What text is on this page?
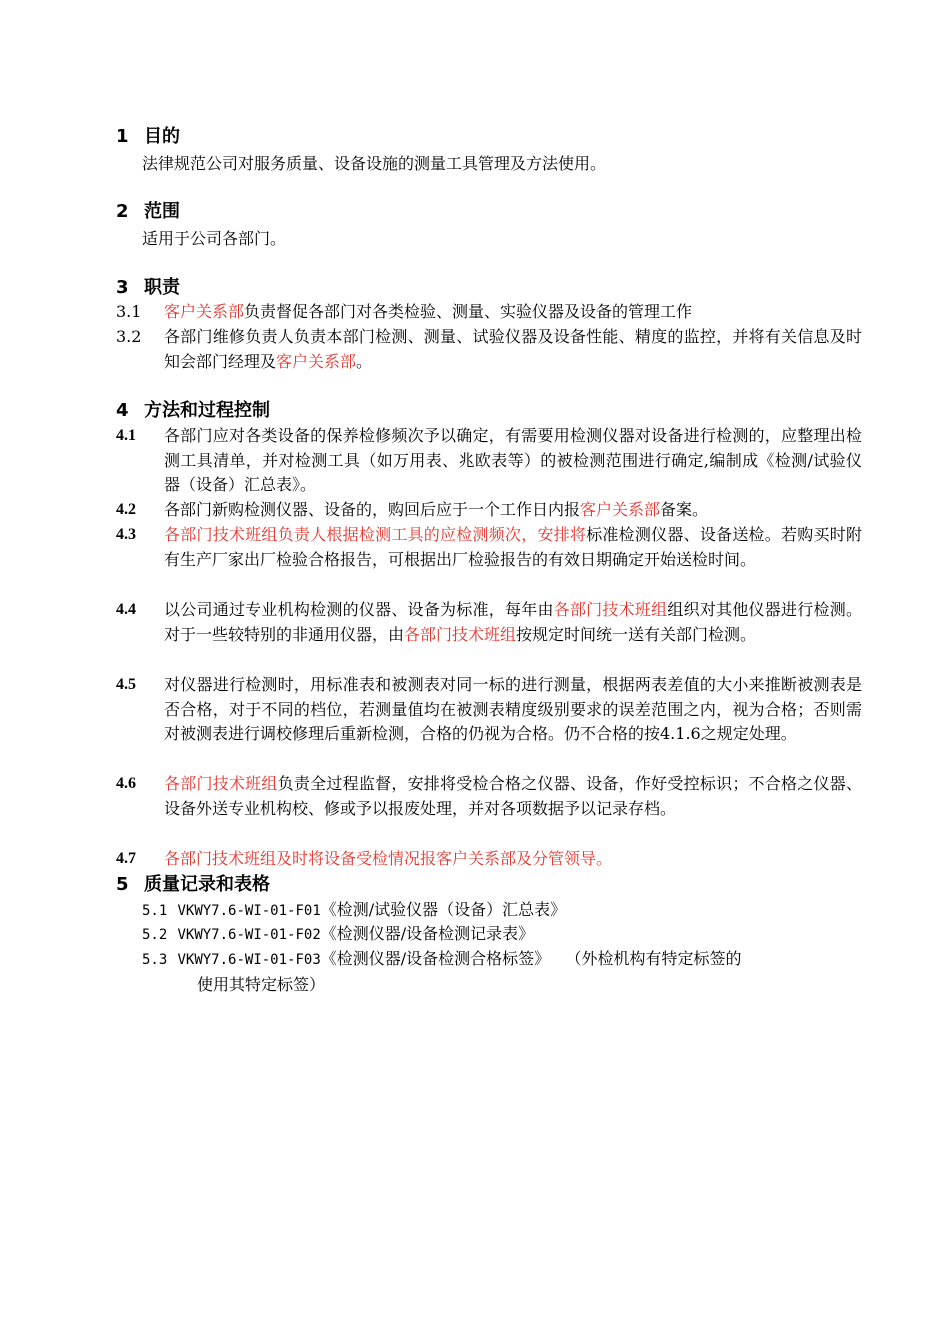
1 目的
法律规范公司对服务质量、设备设施的测量工具管理及方法使用。
2 范围
适用于公司各部门。
3 职责
3.1 客户关系部负责督促各部门对各类检验、测量、实验仪器及设备的管理工作
3.2 各部门维修负责人负责本部门检测、测量、试验仪器及设备性能、精度的监控，并将有关信息及时知会部门经理及客户关系部。
4 方法和过程控制
4.1 各部门应对各类设备的保养检修频次予以确定，有需要用检测仪器对设备进行检测的，应整理出检测工具清单，并对检测工具（如万用表、兆欧表等）的被检测范围进行确定,编制成《检测/试验仪器（设备）汇总表》。
4.2 各部门新购检测仪器、设备的，购回后应于一个工作日内报客户关系部备案。
4.3 各部门技术班组负责人根据检测工具的应检测频次，安排将标准检测仪器、设备送检。若购买时附有生产厂家出厂检验合格报告，可根据出厂检验报告的有效日期确定开始送检时间。
4.4 以公司通过专业机构检测的仪器、设备为标准，每年由各部门技术班组组织对其他仪器进行检测。对于一些较特别的非通用仪器，由各部门技术班组按规定时间统一送有关部门检测。
4.5 对仪器进行检测时，用标准表和被测表对同一标的进行测量，根据两表差值的大小来推断被测表是否合格，对于不同的档位，若测量值均在被测表精度级别要求的误差范围之内，视为合格；否则需对被测表进行调校修理后重新检测，合格的仍视为合格。仍不合格的按4.1.6之规定处理。
4.6 各部门技术班组负责全过程监督，安排将受检合格之仪器、设备，作好受控标识；不合格之仪器、设备外送专业机构校、修或予以报废处理，并对各项数据予以记录存档。
4.7 各部门技术班组及时将设备受检情况报客户关系部及分管领导。
5 质量记录和表格
5.1 VKWY7.6-WI-01-F01《检测/试验仪器（设备）汇总表》
5.2 VKWY7.6-WI-01-F02《检测仪器/设备检测记录表》
5.3 VKWY7.6-WI-01-F03《检测仪器/设备检测合格标签》 （外检机构有特定标签的
使用其特定标签）
